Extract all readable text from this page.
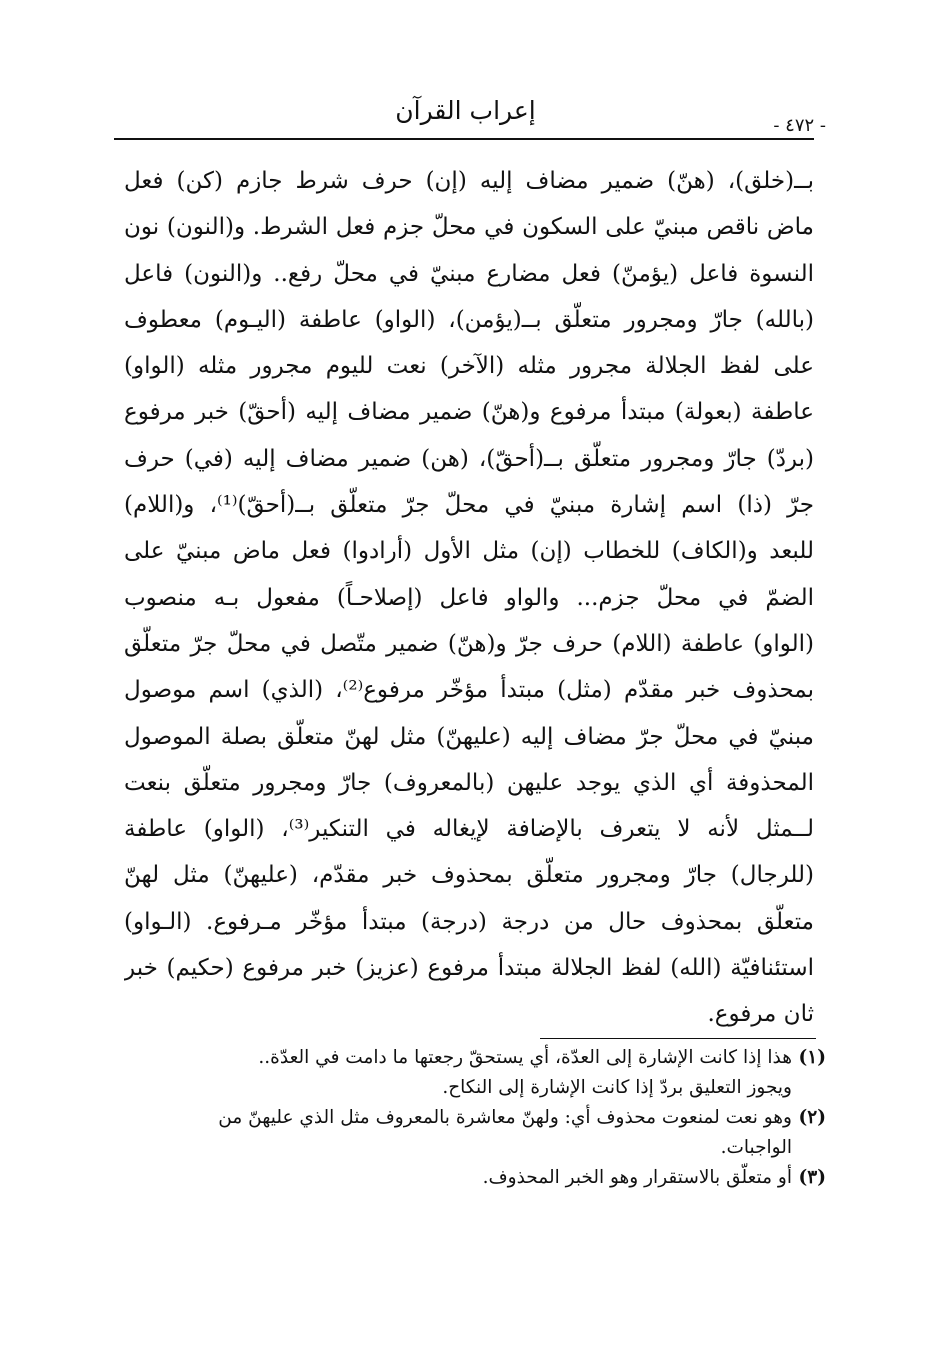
إعراب القرآن
- ٤٧٢ -
بــ(خلق)، (هنّ) ضمير مضاف إليه (إن) حرف شرط جازم (كن) فعل
ماض ناقص مبنيّ على السكون في محلّ جزم فعل الشرط. و(النون) نون
النسوة فاعل (يؤمنّ) فعل مضارع مبنيّ في محلّ رفع.. و(النون) فاعل
(بالله) جارّ ومجرور متعلّق بــ(يؤمن)، (الواو) عاطفة (اليـوم) معطوف
على لفظ الجلالة مجرور مثله (الآخر) نعت لليوم مجرور مثله (الواو)
عاطفة (بعولة) مبتدأ مرفوع و(هنّ) ضمير مضاف إليه (أحقّ) خبر مرفوع
(بردّ) جارّ ومجرور متعلّق بــ(أحقّ)، (هن) ضمير مضاف إليه (في) حرف
جرّ (ذا) اسم إشارة مبنيّ في محلّ جرّ متعلّق بــ(أحقّ)⁽¹⁾، و(اللام)
للبعد و(الكاف) للخطاب (إن) مثل الأول (أرادوا) فعل ماض مبنيّ على
الضمّ في محلّ جزم... والواو فاعل (إصلاحـاً) مفعول بـه منصوب
(الواو) عاطفة (اللام) حرف جرّ و(هنّ) ضمير متّصل في محلّ جرّ متعلّق
بمحذوف خبر مقدّم (مثل) مبتدأ مؤخّر مرفوع⁽²⁾، (الذي) اسم موصول
مبنيّ في محلّ جرّ مضاف إليه (عليهنّ) مثل لهنّ متعلّق بصلة الموصول
المحذوفة أي الذي يوجد عليهن (بالمعروف) جارّ ومجرور متعلّق بنعت
لــمثل لأنه لا يتعرف بالإضافة لإيغاله في التنكير⁽³⁾، (الواو) عاطفة
(للرجال) جارّ ومجرور متعلّق بمحذوف خبر مقدّم، (عليهنّ) مثل لهنّ
متعلّق بمحذوف حال من درجة (درجة) مبتدأ مؤخّر مـرفوع. (الـواو)
استئنافيّة (الله) لفظ الجلالة مبتدأ مرفوع (عزيز) خبر مرفوع (حكيم) خبر
ثان مرفوع.
(١)
هذا إذا كانت الإشارة إلى العدّة، أي يستحقّ رجعتها ما دامت في العدّة..
ويجوز التعليق بردّ إذا كانت الإشارة إلى النكاح.
(٢)
وهو نعت لمنعوت محذوف أي: ولهنّ معاشرة بالمعروف مثل الذي عليهنّ من
الواجبات.
(٣)
أو متعلّق بالاستقرار وهو الخبر المحذوف.
